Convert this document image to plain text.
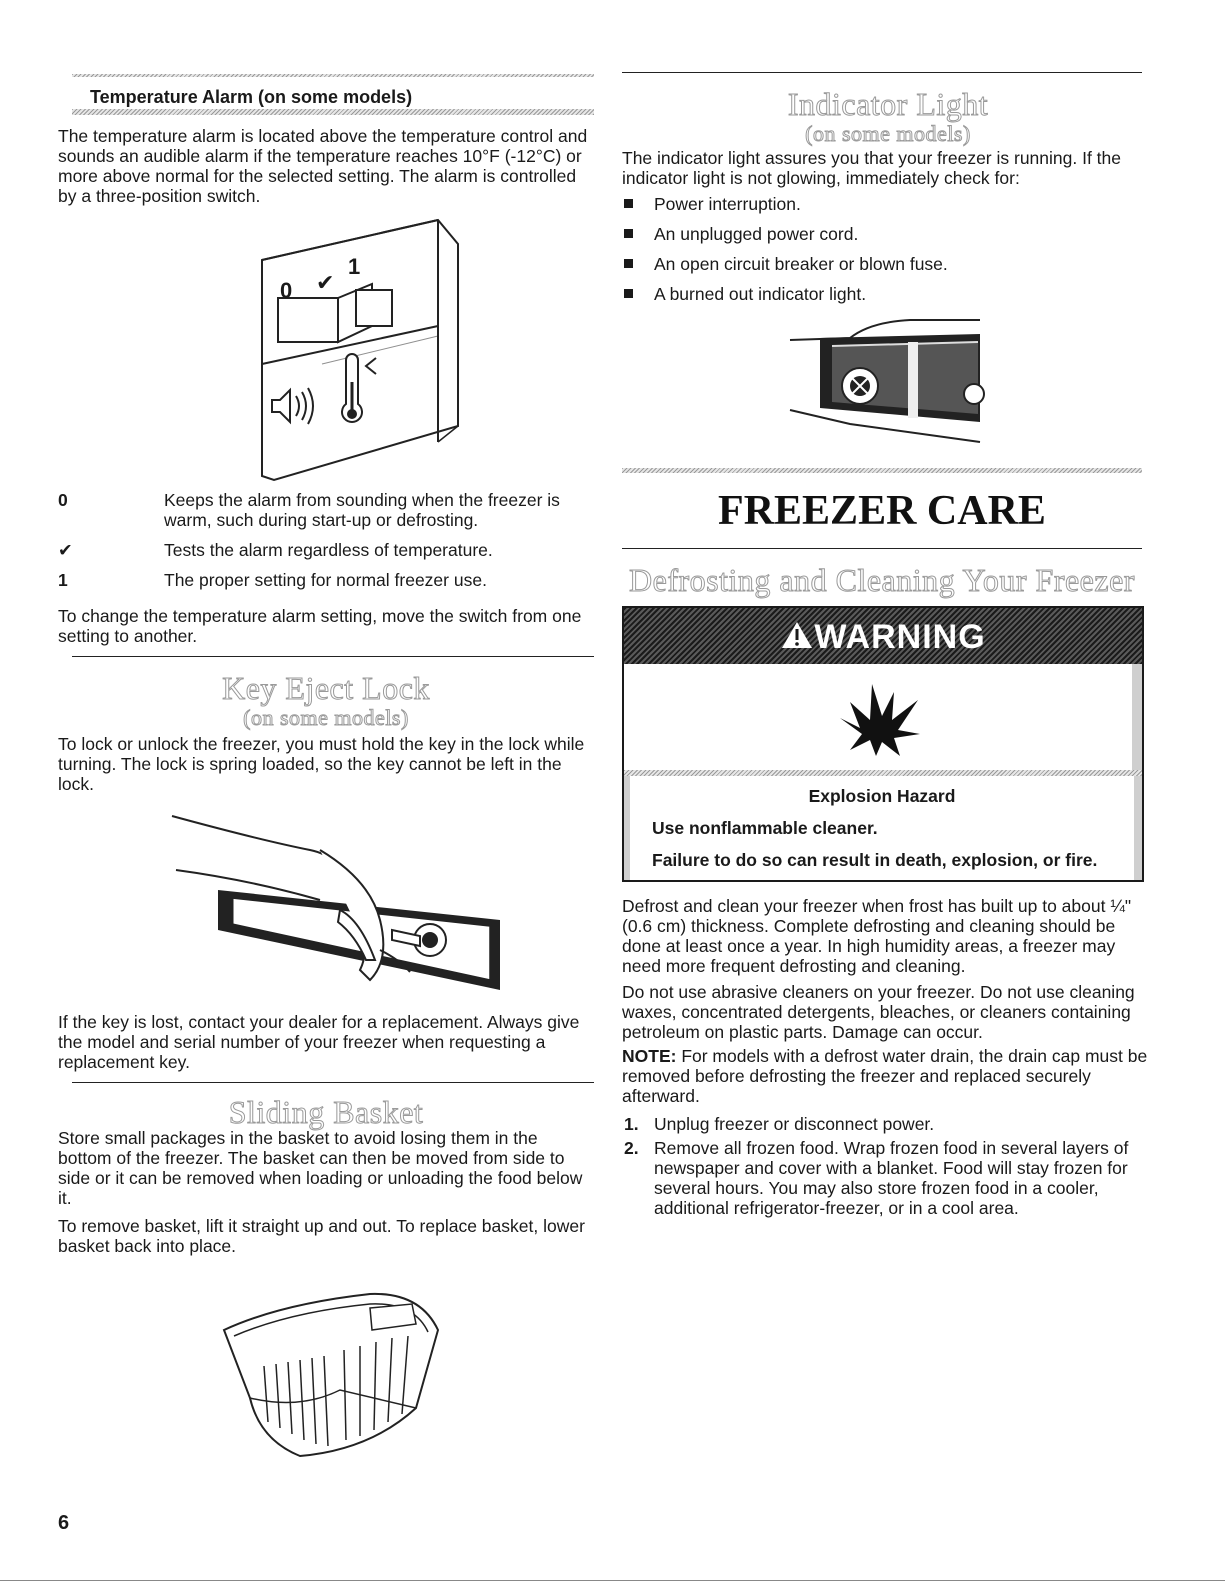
Temperature Alarm (on some models)

The temperature alarm is located above the temperature control and sounds an audible alarm if the temperature reaches 10°F (-12°C) or more above normal for the selected setting. The alarm is controlled by a three-position switch.

0 ✔
1
0	Keeps the alarm from sounding when the freezer is warm, such during start-up or defrosting.
✔	Tests the alarm regardless of temperature.
1	The proper setting for normal freezer use.

To change the temperature alarm setting, move the switch from one setting to another.

Key Eject Lock
(on some models)

To lock or unlock the freezer, you must hold the key in the lock while turning. The lock is spring loaded, so the key cannot be left in the lock.

If the key is lost, contact your dealer for a replacement. Always give the model and serial number of your freezer when requesting a replacement key.

Sliding Basket

Store small packages in the basket to avoid losing them in the bottom of the freezer. The basket can then be moved from side to side or it can be removed when loading or unloading the food below it.

To remove basket, lift it straight up and out. To replace basket, lower basket back into place.

6
Indicator Light
(on some models)

The indicator light assures you that your freezer is running. If the indicator light is not glowing, immediately check for:

Power interruption.
An unplugged power cord.
An open circuit breaker or blown fuse.
A burned out indicator light.
FREEZER CARE
Defrosting and Cleaning Your Freezer
WARNING
Explosion Hazard
Use nonflammable cleaner.
Failure to do so can result in death, explosion, or fire.

Defrost and clean your freezer when frost has built up to about ¼" (0.6 cm) thickness. Complete defrosting and cleaning should be done at least once a year. In high humidity areas, a freezer may need more frequent defrosting and cleaning.

Do not use abrasive cleaners on your freezer. Do not use cleaning waxes, concentrated detergents, bleaches, or cleaners containing petroleum on plastic parts. Damage can occur.

NOTE: For models with a defrost water drain, the drain cap must be removed before defrosting the freezer and replaced securely afterward.

1. Unplug freezer or disconnect power.
2. Remove all frozen food. Wrap frozen food in several layers of newspaper and cover with a blanket. Food will stay frozen for several hours. You may also store frozen food in a cooler, additional refrigerator-freezer, or in a cool area.
